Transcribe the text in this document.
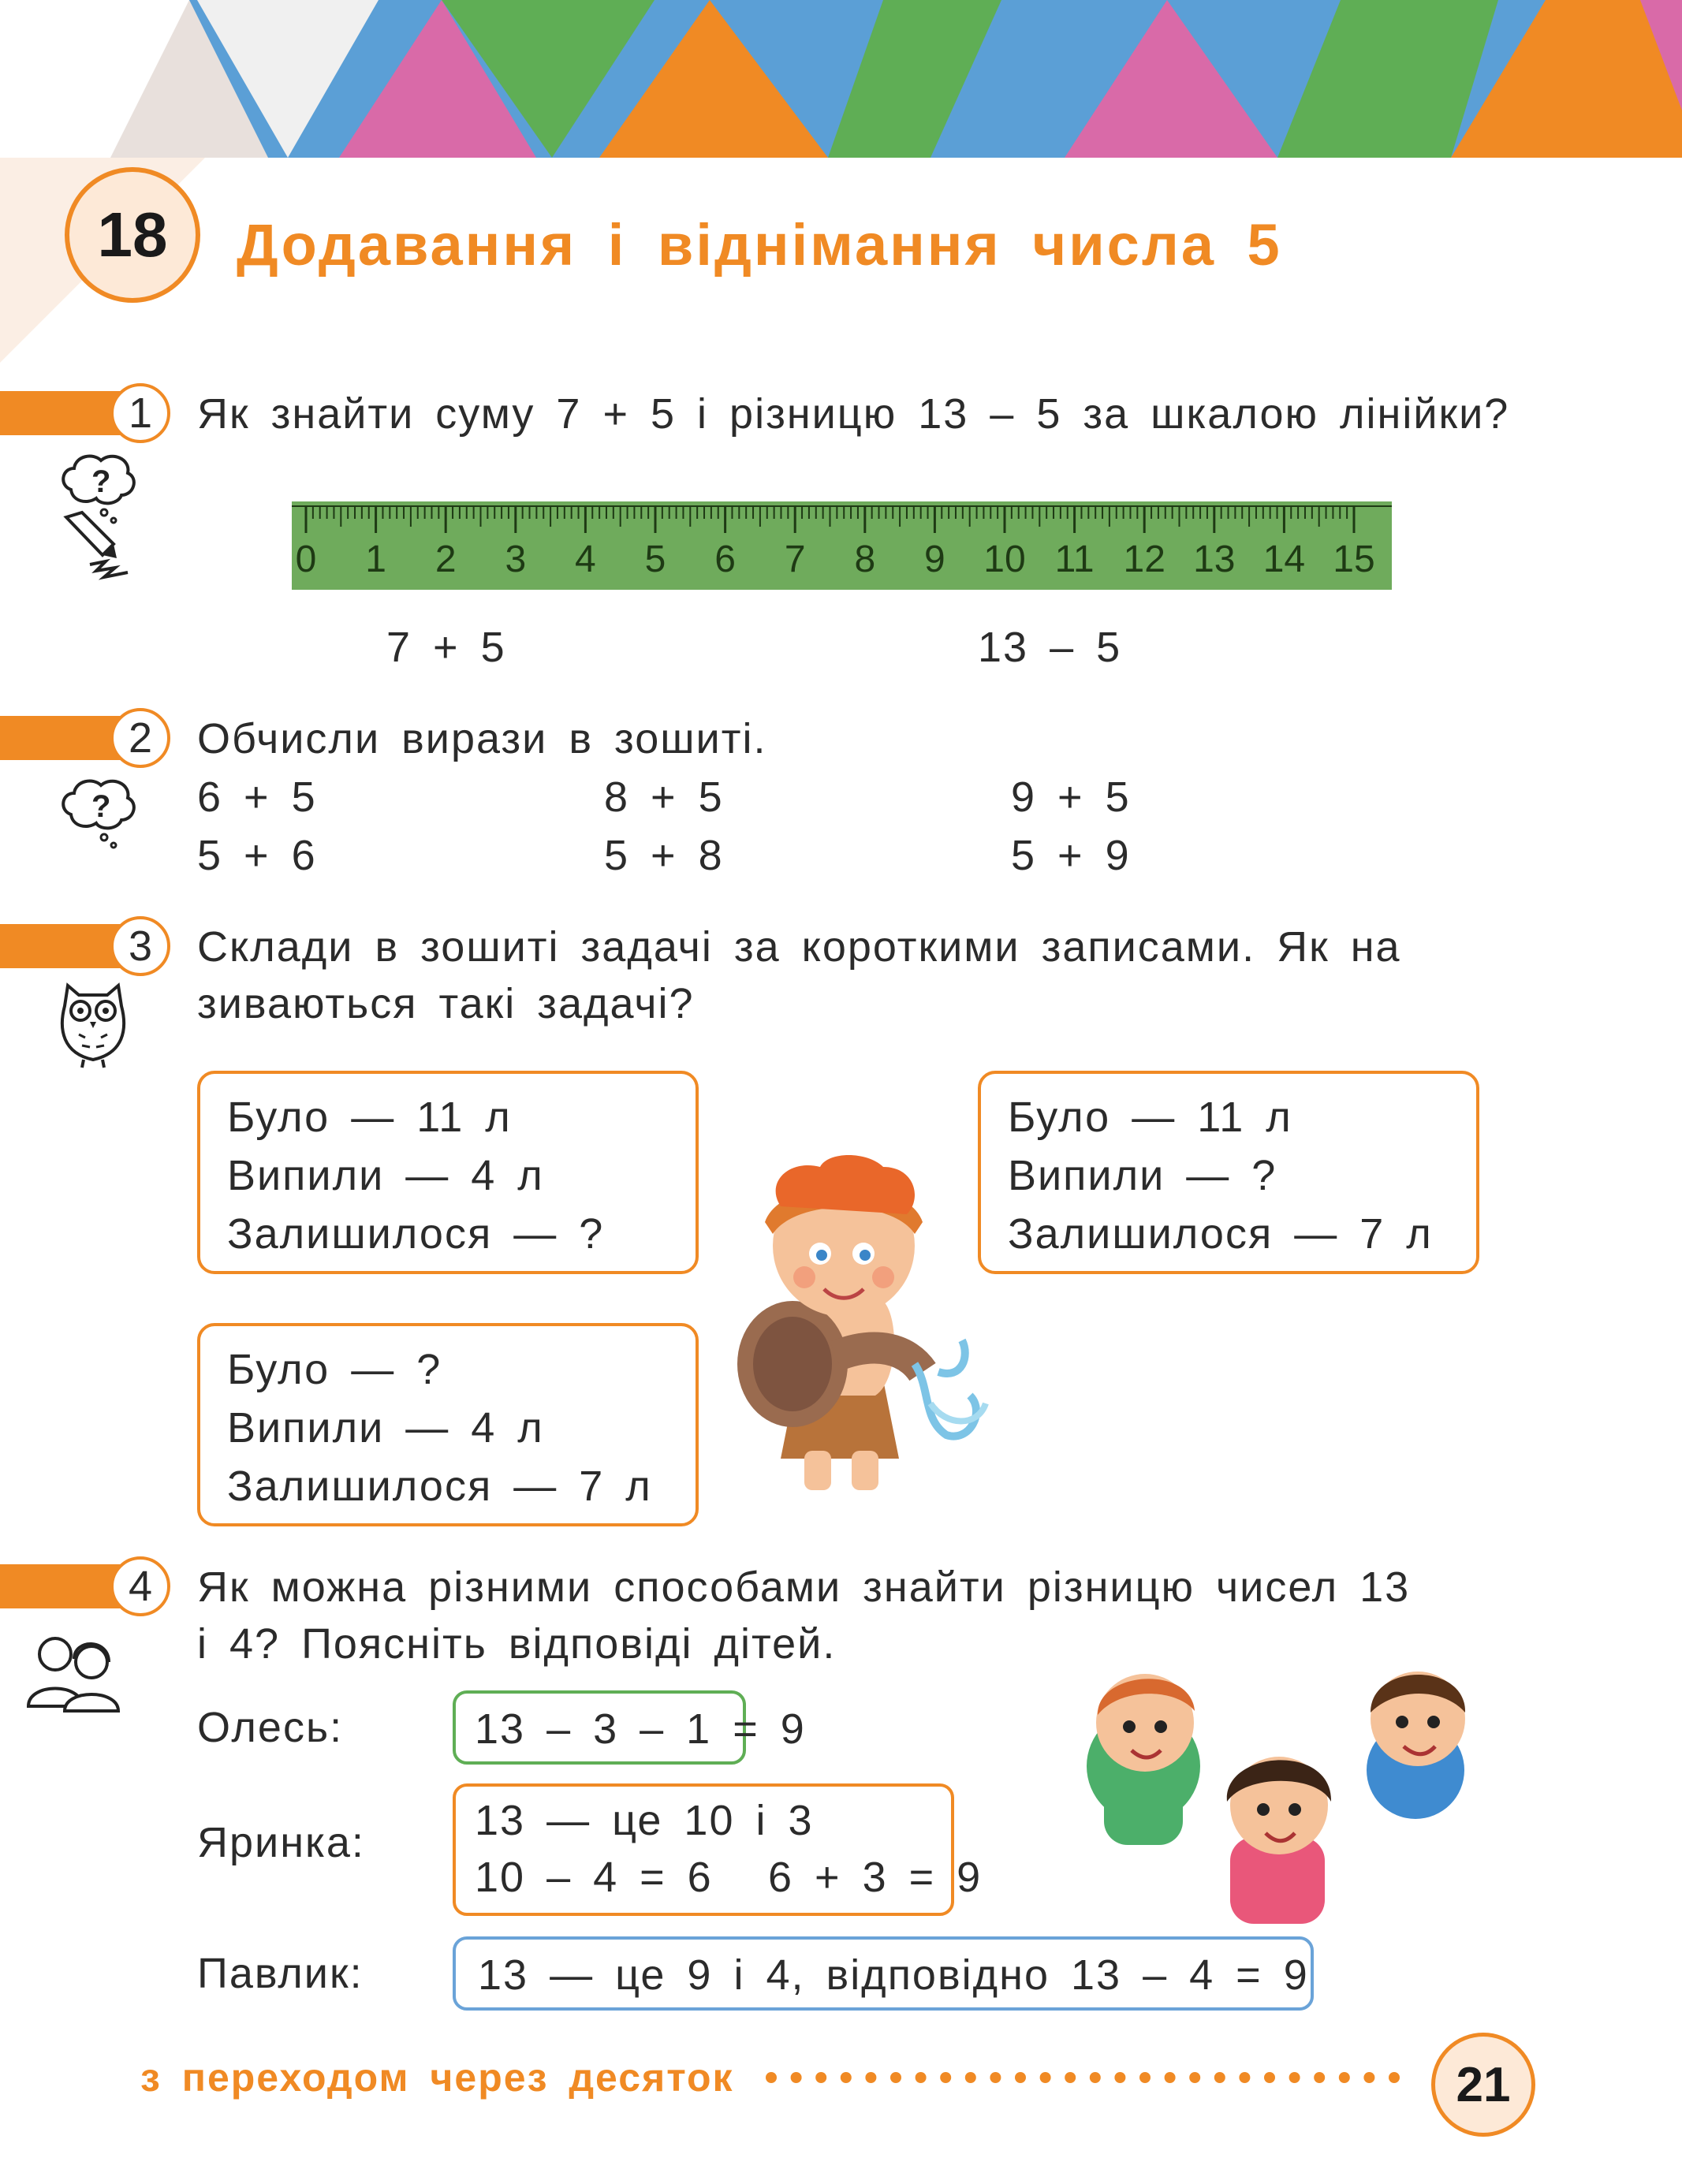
18	Додавання і віднімання числа 5
1	Як знайти суму 7 + 5 і різницю 13 – 5 за шкалою лінійки?
?
0 1 2 3 4 5 6 7 8 9 10 11 12 13 14 15
7 + 5	13 – 5
2	Обчисли вирази в зошиті.
? 6 + 5	8 + 5	9 + 5
5 + 6	5 + 8	5 + 9
3	Склади в зошиті задачі за короткими записами. Як на
зиваються такі задачі?
Було — 11 л
Випили — 4 л
Залишилося — ?
Було — 11 л
Випили — ?
Залишилося — 7 л
Було — ?
Випили — 4 л
Залишилося — 7 л
4	Як можна різними способами знайти різницю чисел 13
і 4? Поясніть відповіді дітей.
Олесь:	13 – 3 – 1 = 9
Яринка:	13 — це 10 і 3
10 – 4 = 6 6 + 3 = 9
Павлик:	13 — це 9 і 4, відповідно 13 – 4 = 9
з переходом через десяток	21
